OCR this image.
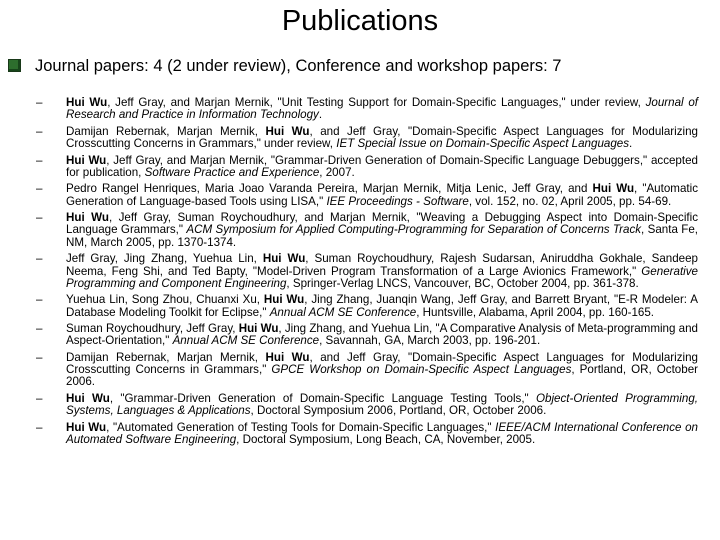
Publications
Journal papers: 4 (2 under review), Conference and workshop papers: 7
– Hui Wu, Jeff Gray, and Marjan Mernik, "Unit Testing Support for Domain-Specific Languages," under review, Journal of Research and Practice in Information Technology.
– Damijan Rebernak, Marjan Mernik, Hui Wu, and Jeff Gray, "Domain-Specific Aspect Languages for Modularizing Crosscutting Concerns in Grammars," under review, IET Special Issue on Domain-Specific Aspect Languages.
– Hui Wu, Jeff Gray, and Marjan Mernik, "Grammar-Driven Generation of Domain-Specific Language Debuggers," accepted for publication, Software Practice and Experience, 2007.
– Pedro Rangel Henriques, Maria Joao Varanda Pereira, Marjan Mernik, Mitja Lenic, Jeff Gray, and Hui Wu, "Automatic Generation of Language-based Tools using LISA," IEE Proceedings - Software, vol. 152, no. 02, April 2005, pp. 54-69.
– Hui Wu, Jeff Gray, Suman Roychoudhury, and Marjan Mernik, "Weaving a Debugging Aspect into Domain-Specific Language Grammars," ACM Symposium for Applied Computing-Programming for Separation of Concerns Track, Santa Fe, NM, March 2005, pp. 1370-1374.
– Jeff Gray, Jing Zhang, Yuehua Lin, Hui Wu, Suman Roychoudhury, Rajesh Sudarsan, Aniruddha Gokhale, Sandeep Neema, Feng Shi, and Ted Bapty, "Model-Driven Program Transformation of a Large Avionics Framework," Generative Programming and Component Engineering, Springer-Verlag LNCS, Vancouver, BC, October 2004, pp. 361-378.
– Yuehua Lin, Song Zhou, Chuanxi Xu, Hui Wu, Jing Zhang, Juanqin Wang, Jeff Gray, and Barrett Bryant, "E-R Modeler: A Database Modeling Toolkit for Eclipse," Annual ACM SE Conference, Huntsville, Alabama, April 2004, pp. 160-165.
– Suman Roychoudhury, Jeff Gray, Hui Wu, Jing Zhang, and Yuehua Lin, "A Comparative Analysis of Meta-programming and Aspect-Orientation," Annual ACM SE Conference, Savannah, GA, March 2003, pp. 196-201.
– Damijan Rebernak, Marjan Mernik, Hui Wu, and Jeff Gray, "Domain-Specific Aspect Languages for Modularizing Crosscutting Concerns in Grammars," GPCE Workshop on Domain-Specific Aspect Languages, Portland, OR, October 2006.
– Hui Wu, "Grammar-Driven Generation of Domain-Specific Language Testing Tools," Object-Oriented Programming, Systems, Languages & Applications, Doctoral Symposium 2006, Portland, OR, October 2006.
– Hui Wu, "Automated Generation of Testing Tools for Domain-Specific Languages," IEEE/ACM International Conference on Automated Software Engineering, Doctoral Symposium, Long Beach, CA, November, 2005.
